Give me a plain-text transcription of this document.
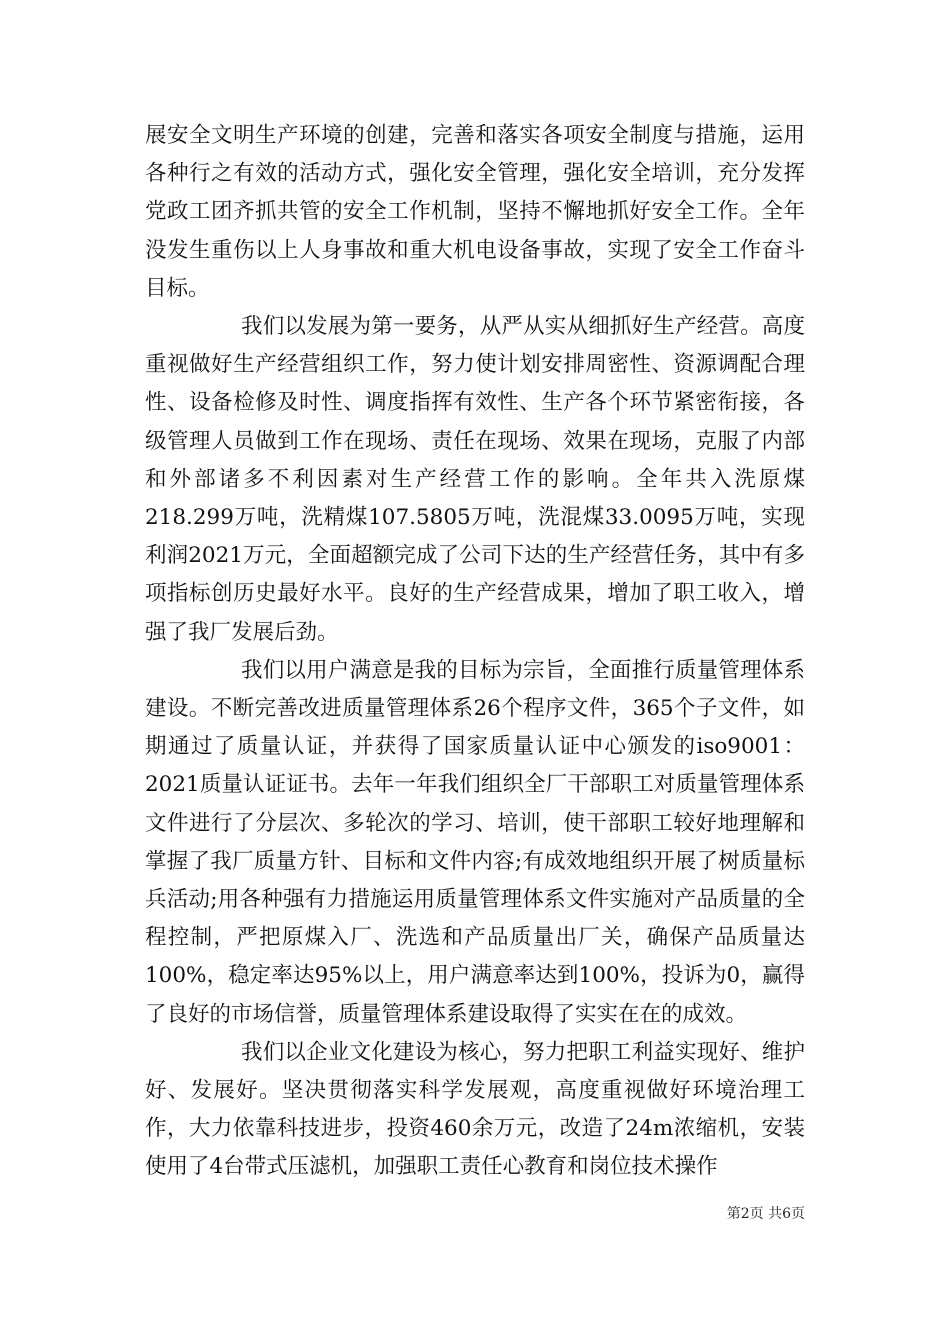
展安全文明生产环境的创建，完善和落实各项安全制度与措施，运用各种行之有效的活动方式，强化安全管理，强化安全培训，充分发挥党政工团齐抓共管的安全工作机制，坚持不懈地抓好安全工作。全年没发生重伤以上人身事故和重大机电设备事故，实现了安全工作奋斗目标。

我们以发展为第一要务，从严从实从细抓好生产经营。高度重视做好生产经营组织工作，努力使计划安排周密性、资源调配合理性、设备检修及时性、调度指挥有效性、生产各个环节紧密衔接，各级管理人员做到工作在现场、责任在现场、效果在现场，克服了内部和外部诸多不利因素对生产经营工作的影响。全年共入洗原煤218.299万吨，洗精煤107.5805万吨，洗混煤33.0095万吨，实现利润2021万元，全面超额完成了公司下达的生产经营任务，其中有多项指标创历史最好水平。良好的生产经营成果，增加了职工收入，增强了我厂发展后劲。

我们以用户满意是我的目标为宗旨，全面推行质量管理体系建设。不断完善改进质量管理体系26个程序文件，365个子文件，如期通过了质量认证，并获得了国家质量认证中心颁发的iso9001：2021质量认证证书。去年一年我们组织全厂干部职工对质量管理体系文件进行了分层次、多轮次的学习、培训，使干部职工较好地理解和掌握了我厂质量方针、目标和文件内容;有成效地组织开展了树质量标兵活动;用各种强有力措施运用质量管理体系文件实施对产品质量的全程控制，严把原煤入厂、洗选和产品质量出厂关，确保产品质量达100%，稳定率达95%以上，用户满意率达到100%，投诉为0，赢得了良好的市场信誉，质量管理体系建设取得了实实在在的成效。

我们以企业文化建设为核心，努力把职工利益实现好、维护好、发展好。坚决贯彻落实科学发展观，高度重视做好环境治理工作，大力依靠科技进步，投资460余万元，改造了24m浓缩机，安装使用了4台带式压滤机，加强职工责任心教育和岗位技术操作

第2页 共6页
